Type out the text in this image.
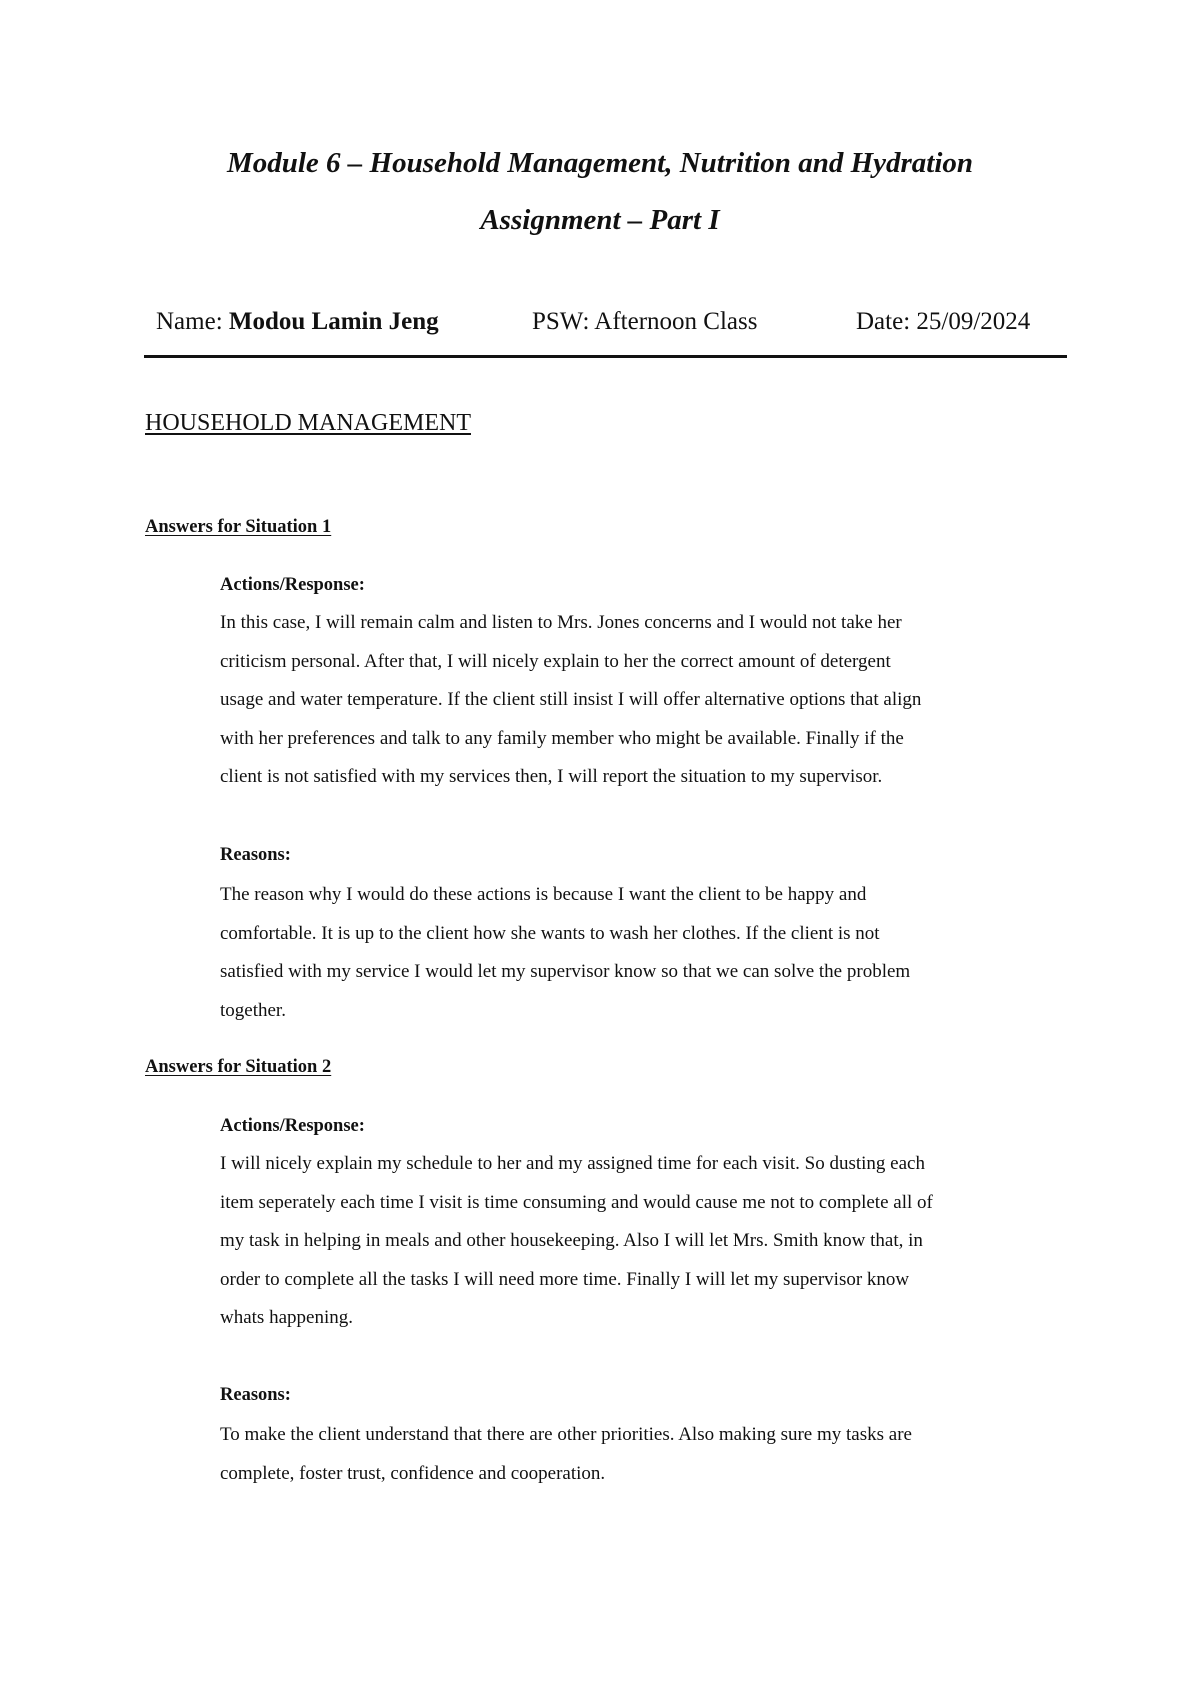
Module 6 – Household Management, Nutrition and Hydration
Assignment – Part I
Name: Modou Lamin Jeng	PSW: Afternoon Class	Date: 25/09/2024
HOUSEHOLD MANAGEMENT
Answers for Situation 1
Actions/Response:
In this case, I will remain calm and listen to Mrs. Jones concerns and I would not take her
criticism personal. After that, I will nicely explain to her the correct amount of detergent
usage and water temperature. If the client still insist I will offer alternative options that align
with her preferences and talk to any family member who might be available. Finally if the
client is not satisfied with my services then, I will report the situation to my supervisor.
Reasons:
The reason why I would do these actions is because I want the client to be happy and
comfortable. It is up to the client how she wants to wash her clothes. If the client is not
satisfied with my service I would let my supervisor know so that we can solve the problem
together.
Answers for Situation 2
Actions/Response:
I will nicely explain my schedule to her and my assigned time for each visit. So dusting each
item seperately each time I visit is time consuming and would cause me not to complete all of
my task in helping in meals and other housekeeping. Also I will let Mrs. Smith know that, in
order to complete all the tasks I will need more time. Finally I will let my supervisor know
whats happening.
Reasons:
To make the client understand that there are other priorities. Also making sure my tasks are
complete, foster trust, confidence and cooperation.
